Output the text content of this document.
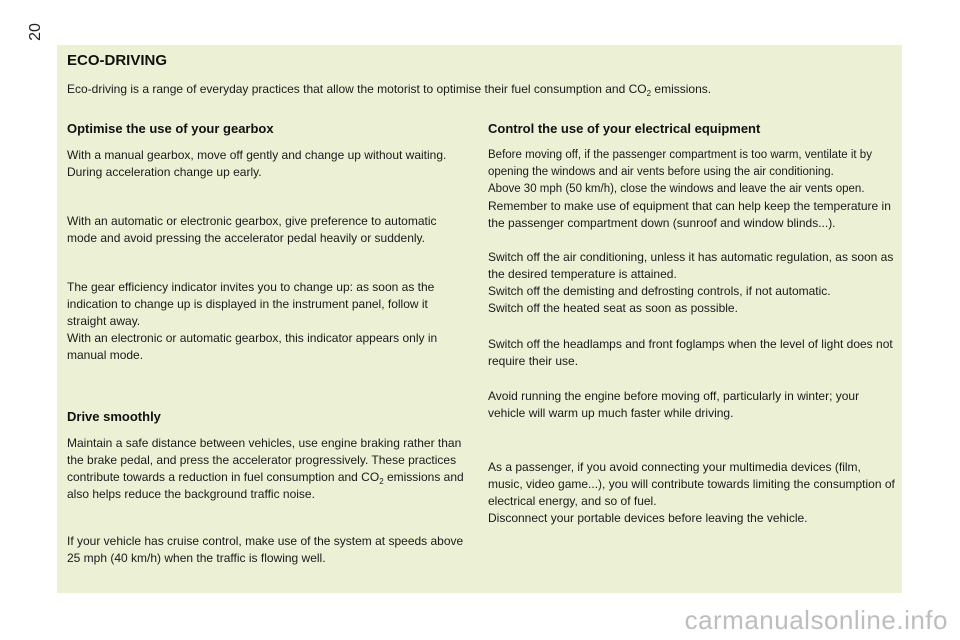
20
ECO-DRIVING

Eco-driving is a range of everyday practices that allow the motorist to optimise their fuel consumption and $CO_2$ emissions.

Optimise the use of your gearbox

With a manual gearbox, move off gently and change up without waiting. During acceleration change up early.

With an automatic or electronic gearbox, give preference to automatic mode and avoid pressing the accelerator pedal heavily or suddenly.

The gear efficiency indicator invites you to change up: as soon as the indication to change up is displayed in the instrument panel, follow it straight away.

With an electronic or automatic gearbox, this indicator appears only in manual mode.

Drive smoothly

Maintain a safe distance between vehicles, use engine braking rather than the brake pedal, and press the accelerator progressively. These practices contribute towards a reduction in fuel consumption and $CO_2$ emissions and also helps reduce the background traffic noise.

If your vehicle has cruise control, make use of the system at speeds above 25 mph (40 km/h) when the traffic is flowing well.

Control the use of your electrical equipment

Before moving off, if the passenger compartment is too warm, ventilate it by opening the windows and air vents before using the air conditioning.

Above 30 mph (50 km/h), close the windows and leave the air vents open.

Remember to make use of equipment that can help keep the temperature in the passenger compartment down (sunroof and window blinds...).

Switch off the air conditioning, unless it has automatic regulation, as soon as the desired temperature is attained.

Switch off the demisting and defrosting controls, if not automatic.

Switch off the heated seat as soon as possible.

Switch off the headlamps and front foglamps when the level of light does not require their use.

Avoid running the engine before moving off, particularly in winter; your vehicle will warm up much faster while driving.

As a passenger, if you avoid connecting your multimedia devices (film, music, video game...), you will contribute towards limiting the consumption of electrical energy, and so of fuel.

Disconnect your portable devices before leaving the vehicle.

carmanualsonline.info
